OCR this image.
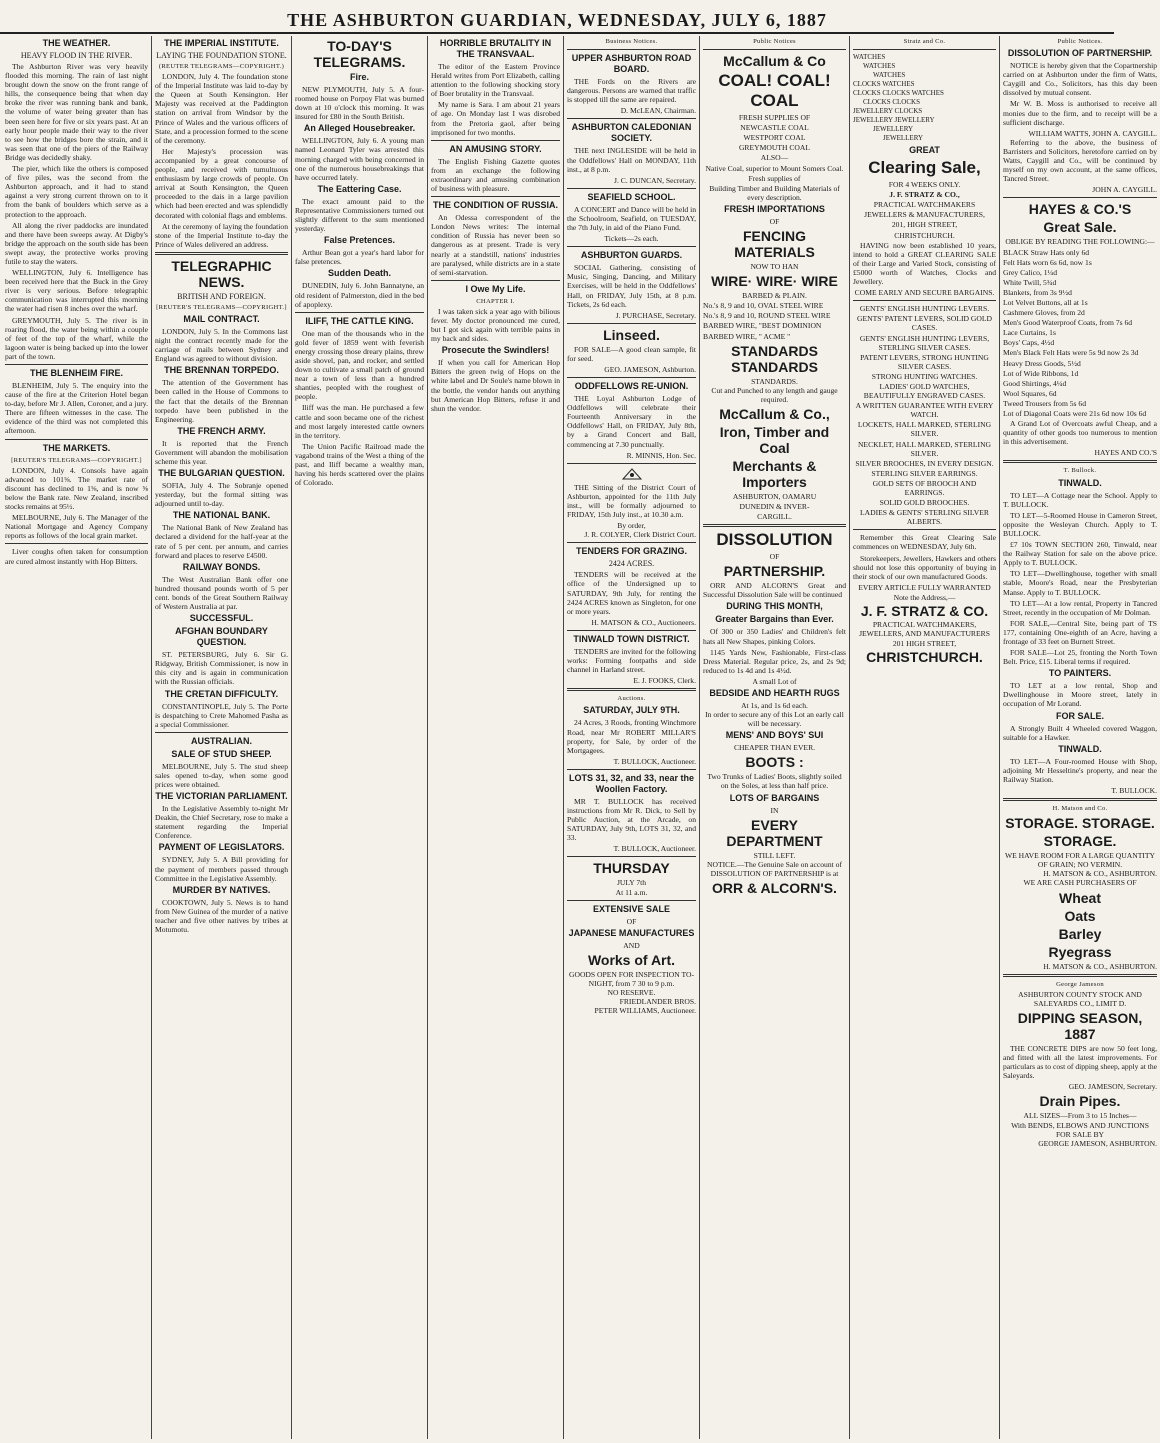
THE ASHBURTON GUARDIAN, WEDNESDAY, JULY 6, 1887
THE WEATHER.
HEAVY FLOOD IN THE RIVER.

The Ashburton River was very heavily flooded this morning. The rain of last night brought down the snow on the front range of hills, the consequence being that when day broke the river was running bank and bank, the volume of water being greater than has been seen here for five or six years past. At an early hour people made their way to the river to see how the bridges bore the strain, and it was seen that one of the piers of the Railway Bridge was decidedly shaky.

The pier, which like the others is composed of five piles, was the second from the Ashburton approach, and it had to stand against a very strong current thrown on to it from the bank of boulders which serve as a protection to the approach.

All along the river paddocks are inundated and there have been sweeps away. At Digby's bridge the approach on the south side has been swept away, the protective works proving futile to stay the waters.

WELLINGTON, July 6. Intelligence has been received here that the Buck in the Grey river is very serious. Before telegraphic communication was interrupted this morning the water had risen 8 inches over the wharf.

GREYMOUTH, July 5. The river is in roaring flood, the water being within a couple of feet of the top of the wharf, while the lagoon water is being backed up into the lower part of the town.

THE BLENHEIM FIRE.

BLENHEIM, July 5. The enquiry into the cause of the fire at the Criterion Hotel began to-day, before Mr J. Allen, Coroner, and a jury. There are fifteen witnesses in the case. The evidence of the third was not completed this afternoon.

THE MARKETS.
[REUTER'S TELEGRAMS—COPYRIGHT.]

LONDON, July 4. Consols have again advanced to 101⅝. The market rate of discount has declined to 1⅝, and is now ⅝ below the Bank rate. New Zealand, inscribed stocks remains at 95½.

MELBOURNE, July 6. The Manager of the National Mortgage and Agency Company reports as follows of the local grain market.

Liver coughs often taken for consumption are cured almost instantly with Hop Bitters.

THE IMPERIAL INSTITUTE.
LAYING THE FOUNDATION STONE.
(REUTER TELEGRAMS—COPYRIGHT.)

LONDON, July 4. The foundation stone of the Imperial Institute was laid to-day by the Queen at South Kensington. Her Majesty was received at the Paddington station on arrival from Windsor by the Prince of Wales and the various officers of State, and a procession formed to the scene of the ceremony.

Her Majesty's procession was accompanied by a great concourse of people, and received with tumultuous enthusiasm by large crowds of people. On arrival at South Kensington, the Queen proceeded to the dais in a large pavilion which had been erected and was splendidly decorated with colonial flags and emblems.

At the ceremony of laying the foundation stone of the Imperial Institute to-day the Prince of Wales delivered an address.

TELEGRAPHIC NEWS.
BRITISH AND FOREIGN.
[REUTER'S TELEGRAMS—COPYRIGHT.]
MAIL CONTRACT.

LONDON, July 5. In the Commons last night the contract recently made for the carriage of mails between Sydney and England was agreed to without division.

THE BRENNAN TORPEDO.

The attention of the Government has been called in the House of Commons to the fact that the details of the Brennan torpedo have been published in the Engineering.

THE FRENCH ARMY.

It is reported that the French Government will abandon the mobilisation scheme this year.

THE BULGARIAN QUESTION.

SOFIA, July 4. The Sobranje opened yesterday, but the formal sitting was adjourned until to-day.

THE NATIONAL BANK.

The National Bank of New Zealand has declared a dividend for the half-year at the rate of 5 per cent. per annum, and carries forward and places to reserve £4500.

RAILWAY BONDS.

The West Australian Bank offer one hundred thousand pounds worth of 5 per cent. bonds of the Great Southern Railway of Western Australia at par.

SUCCESSFUL.
AFGHAN BOUNDARY QUESTION.

ST. PETERSBURG, July 6. Sir G. Ridgway, British Commissioner, is now in this city and is again in communication with the Russian officials.

THE CRETAN DIFFICULTY.

CONSTANTINOPLE, July 5. The Porte is despatching to Crete Mahomed Pasha as a special Commissioner.

AUSTRALIAN.
SALE OF STUD SHEEP.

MELBOURNE, July 5. The stud sheep sales opened to-day, when some good prices were obtained.

THE VICTORIAN PARLIAMENT.

In the Legislative Assembly to-night Mr Deakin, the Chief Secretary, rose to make a statement regarding the Imperial Conference.

PAYMENT OF LEGISLATORS.

SYDNEY, July 5. A Bill providing for the payment of members passed through Committee in the Legislative Assembly.

MURDER BY NATIVES.

COOKTOWN, July 5. News is to hand from New Guinea of the murder of a native teacher and five other natives by tribes at Motumotu.

TO-DAY'S TELEGRAMS.
Fire.

NEW PLYMOUTH, July 5. A four-roomed house on Porpoy Flat was burned down at 10 o'clock this morning. It was insured for £80 in the South British.

An Alleged Housebreaker.

WELLINGTON, July 6. A young man named Leonard Tyler was arrested this morning charged with being concerned in one of the numerous housebreakings that have occurred lately.

The Eattering Case.

The exact amount paid to the Representative Commissioners turned out slightly different to the sum mentioned yesterday.

False Pretences.

Arthur Bean got a year's hard labor for false pretences.

Sudden Death.

DUNEDIN, July 6. John Bannatyne, an old resident of Palmerston, died in the bed of apoplexy.

ILIFF, THE CATTLE KING.

One man of the thousands who in the gold fever of 1859 went with feverish energy crossing those dreary plains, threw aside shovel, pan, and rocker, and settled down to cultivate a small patch of ground near a town of less than a hundred shanties, peopled with the roughest of people.

Iliff was the man. He purchased a few cattle and soon became one of the richest and most largely interested cattle owners in the territory.

The Union Pacific Railroad made the vagabond trains of the West a thing of the past, and Iliff became a wealthy man, having his herds scattered over the plains of Colorado.

HORRIBLE BRUTALITY IN THE TRANSVAAL.

The editor of the Eastern Province Herald writes from Port Elizabeth, calling attention to the following shocking story of Boer brutality in the Transvaal.

My name is Sara. I am about 21 years of age. On Monday last I was disrobed from the Pretoria gaol, after being imprisoned for two months.

AN AMUSING STORY.

The English Fishing Gazette quotes from an exchange the following extraordinary and amusing combination of business with pleasure.

THE CONDITION OF RUSSIA.

An Odessa correspondent of the London News writes: The internal condition of Russia has never been so dangerous as at present. Trade is very nearly at a standstill, nations' industries are paralysed, while districts are in a state of semi-starvation.

I Owe My Life.
CHAPTER I.

I was taken sick a year ago with bilious fever. My doctor pronounced me cured, but I got sick again with terrible pains in my back and sides.

Prosecute the Swindlers!

If when you call for American Hop Bitters the green twig of Hops on the white label and Dr Soule's name blown in the bottle, the vendor hands out anything but American Hop Bitters, refuse it and shun the vendor.

Business Notices.
UPPER ASHBURTON ROAD BOARD.

THE Fords on the Rivers are dangerous. Persons are warned that traffic is stopped till the same are repaired.

D. McLEAN, Chairman.
ASHBURTON CALEDONIAN SOCIETY.

THE next INGLESIDE will be held in the Oddfellows' Hall on MONDAY, 11th inst., at 8 p.m.

J. C. DUNCAN, Secretary.
SEAFIELD SCHOOL.

A CONCERT and Dance will be held in the Schoolroom, Seafield, on TUESDAY, the 7th July, in aid of the Piano Fund.

Tickets—2s each.
ASHBURTON GUARDS.

SOCIAL Gathering, consisting of Music, Singing, Dancing, and Military Exercises, will be held in the Oddfellows' Hall, on FRIDAY, July 15th, at 8 p.m. Tickets, 2s 6d each.

J. PURCHASE, Secretary.
Linseed.

FOR SALE—A good clean sample, fit for seed.

GEO. JAMESON, Ashburton.
ODDFELLOWS RE-UNION.

THE Loyal Ashburton Lodge of Oddfellows will celebrate their Fourteenth Anniversary in the Oddfellows' Hall, on FRIDAY, July 8th, by a Grand Concert and Ball, commencing at 7.30 punctually.

R. MINNIS, Hon. Sec.

THE Sitting of the District Court of Ashburton, appointed for the 11th July inst., will be formally adjourned to FRIDAY, 15th July inst., at 10.30 a.m.

By order,
J. R. COLYER, Clerk District Court.
TENDERS FOR GRAZING.
2424 ACRES.

TENDERS will be received at the office of the Undersigned up to SATURDAY, 9th July, for renting the 2424 ACRES known as Singleton, for one or more years.

H. MATSON & CO., Auctioneers.
TINWALD TOWN DISTRICT.

TENDERS are invited for the following works: Forming footpaths and side channel in Harland street.

E. J. FOOKS, Clerk.
Auctions.
SATURDAY, JULY 9TH.

24 Acres, 3 Roods, fronting Winchmore Road, near Mr ROBERT MILLAR'S property, for Sale, by order of the Mortgagees.

T. BULLOCK, Auctioneer.
LOTS 31, 32, and 33, near the Woollen Factory.

MR T. BULLOCK has received instructions from Mr R. Dick, to Sell by Public Auction, at the Arcade, on SATURDAY, July 9th, LOTS 31, 32, and 33.

T. BULLOCK, Auctioneer.
THURSDAY
JULY 7th
At 11 a.m.
EXTENSIVE SALE
OF
JAPANESE MANUFACTURES
AND
Works of Art.
GOODS OPEN FOR INSPECTION TO-NIGHT, from 7 30 to 9 p.m.
NO RESERVE.
FRIEDLANDER BROS.
PETER WILLIAMS, Auctioneer.
Public Notices
McCallum & Co
COAL! COAL! COAL
FRESH SUPPLIES OF
NEWCASTLE COAL
WESTPORT COAL
GREYMOUTH COAL
ALSO—
Native Coal, superior to Mount Somers Coal.
Fresh supplies of
Building Timber and Building Materials of every description.
FRESH IMPORTATIONS
OF
FENCING MATERIALS
NOW TO HAN
WIRE· WIRE· WIRE
BARBED & PLAIN.
No.'s 8, 9 and 10, OVAL STEEL WIRE
No.'s 8, 9 and 10, ROUND STEEL WIRE
BARBED WIRE, "BEST DOMINION
BARBED WIRE, " ACME "
STANDARDS STANDARDS
STANDARDS.
Cut and Punched to any length and gauge required.
McCallum & Co.,
Iron, Timber and Coal
Merchants & Importers
ASHBURTON, OAMARU
DUNEDIN & INVER-
CARGILL.
DISSOLUTION
OF
PARTNERSHIP.

ORR AND ALCORN'S Great and Successful Dissolution Sale will be continued

DURING THIS MONTH,
Greater Bargains than Ever.

Of 300 or 350 Ladies' and Children's felt hats all New Shapes, pinking Colors.

1145 Yards New, Fashionable, First-class Dress Material. Regular price, 2s, and 2s 9d; reduced to 1s 4d and 1s 4½d.

A small Lot of
BEDSIDE AND HEARTH RUGS
At 1s, and 1s 6d each.
In order to secure any of this Lot an early call will be necessary.
MENS' AND BOYS' SUI
CHEAPER THAN EVER.
BOOTS :
Two Trunks of Ladies' Boots, slightly soiled on the Soles, at less than half price.
LOTS OF BARGAINS
IN
EVERY DEPARTMENT
STILL LEFT.
NOTICE.—The Genuine Sale on account of DISSOLUTION OF PARTNERSHIP is at
ORR & ALCORN'S.
Stratz and Co.
WATCHES
WATCHES
WATCHES
CLOCKS WATCHES
CLOCKS CLOCKS WATCHES
CLOCKS CLOCKS
JEWELLERY CLOCKS
JEWELLERY JEWELLERY
JEWELLERY
JEWELLERY
GREAT
Clearing Sale,
FOR 4 WEEKS ONLY.
J. F. STRATZ & CO.,
PRACTICAL WATCHMAKERS
JEWELLERS & MANUFACTURERS,
201, HIGH STREET,
CHRISTCHURCH.

HAVING now been established 10 years, intend to hold a GREAT CLEARING SALE of their Large and Varied Stock, consisting of £5000 worth of Watches, Clocks and Jewellery.

COME EARLY AND SECURE BARGAINS.
GENTS' ENGLISH HUNTING LEVERS.
GENTS' PATENT LEVERS, SOLID GOLD CASES.
GENTS' ENGLISH HUNTING LEVERS, STERLING SILVER CASES.
PATENT LEVERS, STRONG HUNTING SILVER CASES.
STRONG HUNTING WATCHES.
LADIES' GOLD WATCHES, BEAUTIFULLY ENGRAVED CASES.
A WRITTEN GUARANTEE WITH EVERY WATCH.
LOCKETS, HALL MARKED, STERLING SILVER.
NECKLET, HALL MARKED, STERLING SILVER.
SILVER BROOCHES, IN EVERY DESIGN.
STERLING SILVER EARRINGS.
GOLD SETS OF BROOCH AND EARRINGS.
SOLID GOLD BROOCHES.
LADIES & GENTS' STERLING SILVER ALBERTS.

Remember this Great Clearing Sale commences on WEDNESDAY, July 6th.

Storekeepers, Jewellers, Hawkers and others should not lose this opportunity of buying in their stock of our own manufactured Goods.

EVERY ARTICLE FULLY WARRANTED
Note the Address,—
J. F. STRATZ & CO.
PRACTICAL WATCHMAKERS, JEWELLERS, AND MANUFACTURERS
201 HIGH STREET,
CHRISTCHURCH.
Public Notices.
DISSOLUTION OF PARTNERSHIP.

NOTICE is hereby given that the Copartnership carried on at Ashburton under the firm of Watts, Caygill and Co., Solicitors, has this day been dissolved by mutual consent.

Mr W. B. Moss is authorised to receive all monies due to the firm, and to receipt will be a sufficient discharge.

WILLIAM WATTS, JOHN A. CAYGILL.

Referring to the above, the business of Barristers and Solicitors, heretofore carried on by Watts, Caygill and Co., will be continued by myself on my own account, at the same offices, Tancred Street.

JOHN A. CAYGILL.
HAYES & CO.'S
Great Sale.
OBLIGE BY READING THE FOLLOWING:—
BLACK Straw Hats only 6d
Felt Hats worn 6s 6d, now 1s
Grey Calico, 1¼d
White Twill, 5¾d
Blankets, from 3s 9½d
Lot Velvet Buttons, all at 1s
Cashmere Gloves, from 2d
Men's Good Waterproof Coats, from 7s 6d
Lace Curtains, 1s
Boys' Caps, 4½d
Men's Black Felt Hats were 5s 9d now 2s 3d
Heavy Dress Goods, 5½d
Lot of Wide Ribbons, 1d
Good Shirtings, 4¼d
Wool Squares, 6d
Tweed Trousers from 5s 6d
Lot of Diagonal Coats were 21s 6d now 10s 6d

A Grand Lot of Overcoats awful Cheap, and a quantity of other goods too numerous to mention in this advertisement.

HAYES AND CO.'S
T. Bullock.
TINWALD.

TO LET—A Cottage near the School. Apply to T. BULLOCK.

TO LET—5-Roomed House in Cameron Street, opposite the Wesleyan Church. Apply to T. BULLOCK.

£7 10s TOWN SECTION 260, Tinwald, near the Railway Station for sale on the above price. Apply to T. BULLOCK.

TO LET—Dwellinghouse, together with small stable, Moore's Road, near the Presbyterian Manse. Apply to T. BULLOCK.

TO LET—At a low rental, Property in Tancred Street, recently in the occupation of Mr Dolman.

FOR SALE,—Central Site, being part of TS 177, containing One-eighth of an Acre, having a frontage of 33 feet on Burnett Street.

FOR SALE—Lot 25, fronting the North Town Belt. Price, £15. Liberal terms if required.

TO PAINTERS.

TO LET at a low rental, Shop and Dwellinghouse in Moore street, lately in occupation of Mr Lorand.

FOR SALE.

A Strongly Built 4 Wheeled covered Waggon, suitable for a Hawker.

TINWALD.

TO LET—A Four-roomed House with Shop, adjoining Mr Hesseltine's property, and near the Railway Station.

T. BULLOCK.
H. Matson and Co.
STORAGE. STORAGE.
STORAGE.
WE HAVE ROOM FOR A LARGE QUANTITY OF GRAIN; NO VERMIN.
H. MATSON & CO., ASHBURTON.
WE ARE CASH PURCHASERS OF
Wheat
Oats
Barley
Ryegrass
H. MATSON & CO., ASHBURTON.
George Jameson
ASHBURTON COUNTY STOCK AND SALEYARDS CO., LIMIT D.
DIPPING SEASON, 1887

THE CONCRETE DIPS are now 50 feet long, and fitted with all the latest improvements. For particulars as to cost of dipping sheep, apply at the Saleyards.

GEO. JAMESON, Secretary.
Drain Pipes.
ALL SIZES—From 3 to 15 Inches—
With BENDS, ELBOWS AND JUNCTIONS
FOR SALE BY
GEORGE JAMESON, ASHBURTON.
